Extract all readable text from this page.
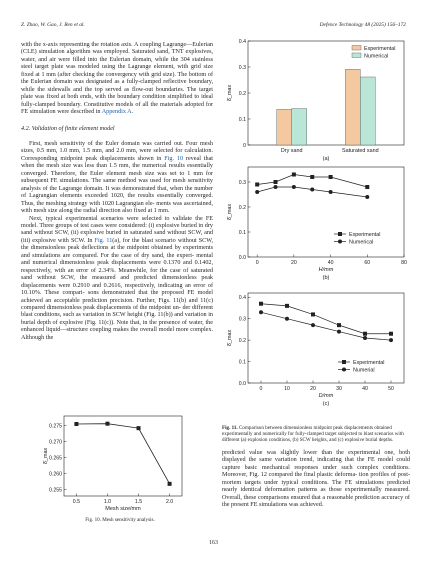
Z. Zhao, W. Gao, J. Ren et al.	Defence Technology 48 (2025) 156–172

with the x-axis representing the rotation axis. A coupling Lagrange—Eulerian (CLE) simulation algorithm was employed. Saturated sand, TNT explosives, water, and air were filled into the Eulerian domain, while the 304 stainless steel target plate was modeled using the Lagrange element, with grid size fixed at 1 mm (after checking the convergency with grid size). The bottom of the Eulerian domain was designated as a fully-clamped reflective boundary, while the sidewalls and the top served as flow-out boundaries. The target plate was fixed at both ends, with the boundary condition simplified to ideal fully-clamped boundary. Constitutive models of all the materials adopted for FE simulation were described in Appendix A.

4.2. Validation of finite element model

First, mesh sensitivity of the Euler domain was carried out. Four mesh sizes, 0.5 mm, 1.0 mm, 1.5 mm, and 2.0 mm, were selected for calculation. Corresponding midpoint peak displacements shown in Fig. 10 reveal that when the mesh size was less than 1.5 mm, the numerical results essentially converged. Therefore, the Euler element mesh size was set to 1 mm for subsequent FE simulations. The same method was used for mesh sensitivity analysis of the Lagrange domain. It was demonstrated that, when the number of Lagrangian elements exceeded 1020, the results essentially converged. Thus, the meshing strategy with 1020 Lagrangian ele- ments was ascertained, with mesh size along the radial direction also fixed at 1 mm.

Next, typical experimental scenarios were selected to validate the FE model. Three groups of test cases were considered: (i) explosive buried in dry sand without SCW, (ii) explosive buried in saturated sand without SCW, and (iii) explosive with SCW. In Fig. 11(a), for the blast scenario without SCW, the dimensionless peak deflections at the midpoint obtained by experiments and simulations are compared. For the case of dry sand, the experi- mental and numerical dimensionless peak displacements were 0.1370 and 0.1402, respectively, with an error of 2.34%. Meanwhile, for the case of saturated sand without SCW, the measured and predicted dimensionless peak displacements were 0.2910 and 0.2616, respectively, indicating an error of 10.10%. These compari- sons demonstrated that the proposed FE model achieved an acceptable prediction precision. Further, Figs. 11(b) and 11(c) compared dimensionless peak displacements of the midpoint un- der different blast conditions, such as variation in SCW height (Fig. 11(b)) and variation in burial depth of explosive (Fig. 11(c)). Note that, in the presence of water, the enhanced liquid—structure coupling makes the overall model more complex. Although the

0.255
0.260
0.265
0.270
0.275
0.5	1.0	1.5	2.0
Mesh size/mm
δ̄_max
Fig. 10. Mesh sensitivity analysis.
0
0.1
0.2
0.3
0.4
δ̄_max
Dry sand	Saturated sand
Experimental
Numerical
(a)
0.0
0.1
0.2
0.3
0	20	40	60	80
H/mm
δ̄_max
Experimental
Numerical
(b)
0.0
0.1
0.2
0.3
0.4
0	10	20	30	40	50
D/mm
δ̄_max
Experimental
Numerial
(c)
Fig. 11. Comparison between dimensionless midpoint peak displacements obtained experimentally and numerically for fully-clamped target subjected to blast scenarios with different (a) explosion conditions, (b) SCW heights, and (c) explosive burial depths.

predicted value was slightly lower than the experimental one, both displayed the same variation trend, indicating that the FE model could capture basic mechanical responses under such complex conditions. Moreover, Fig. 12 compared the final plastic deforma- tion profiles of post-mortem targets under typical conditions. The FE simulations predicted nearly identical deformation patterns as those experimentally measured. Overall, these comparisons ensured that a reasonable prediction accuracy of the present FE simulations was achieved.

163
